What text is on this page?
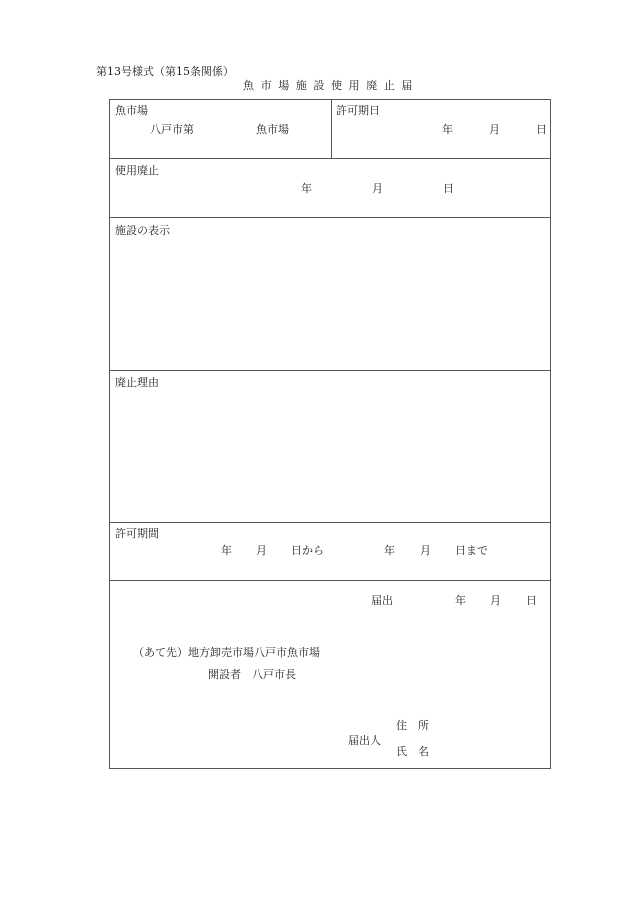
第13号様式（第15条関係）
魚市場施設使用廃止届
魚市場
八戸市第	魚市場
許可期日
年	月	日
使用廃止
年	月	日
施設の表示
廃止理由
許可期間
年 月 日から	年 月 日まで
届出	年 月 日
（あて先）地方卸売市場八戸市魚市場
開設者　八戸市長
届出人
住　所
氏　名
